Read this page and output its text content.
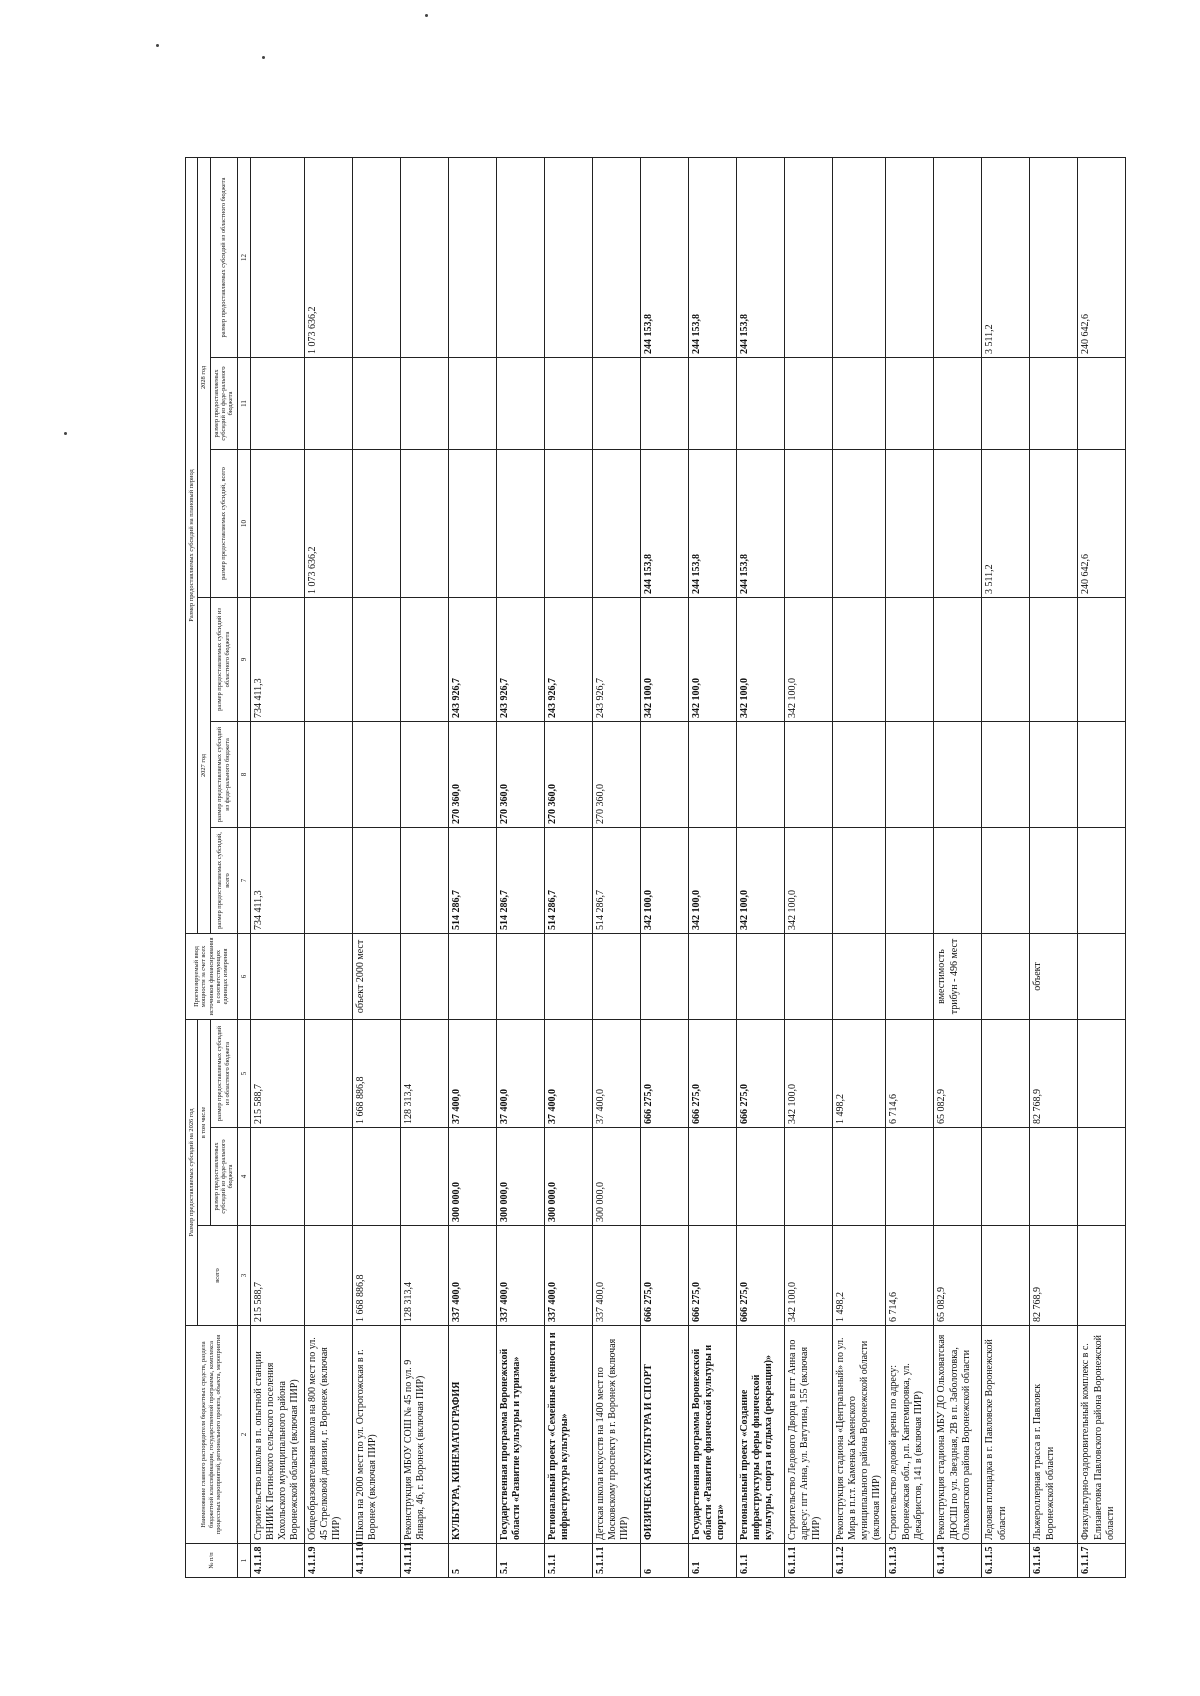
№ п/п	Наименование главного распорядителя бюджетных средств, раздела бюджетной классификации, государственной программы, комплекса процессных мероприятий, регионального проекта, объекта, мероприятия	Размер предоставляемых субсидий на 2026 год			Прогнозируемый ввод мощности за счет всех источников финансирования в соответствующих единицах измерения	Размер предоставляемых субсидий на плановый период					
		всего	в том числе			2027 год			2028 год		
			размер предоставляемых субсидий из феде-рального бюджета	размер предоставляемых субсидий из областного бюджета		размер предоставляемых субсидий, всего	размер предоставляемых субсидий из феде-рального бюджета	размер предоставляемых субсидий из областного бюджета	размер предоставляемых субсидий, всего	размер предоставляемых субсидий из феде-рального бюджета	размер предоставляемых субсидий из областного бюджета
1	2	3	4	5	6	7	8	9	10	11	12
4.1.1.8	Строительство школы в п. опытной станции ВНИИК Петинского сельского поселения Хохольского муниципального района Воронежской области (включая ПИР)	215 588,7		215 588,7		734 411,3		734 411,3			
4.1.1.9	Общеобразовательная школа на 800 мест по ул. 45 Стрелковой дивизии, г. Воронеж (включая ПИР)								1 073 636,2		1 073 636,2
4.1.1.10	Школа на 2000 мест по ул. Острогожская в г. Воронеж (включая ПИР)	1 668 886,8		1 668 886,8	объект 2000 мест						
4.1.1.11	Реконструкция МБОУ СОШ № 45 по ул. 9 Января, 46, г. Воронеж (включая ПИР)	128 313,4		128 313,4							
5	КУЛЬТУРА, КИНЕМАТОГРАФИЯ	337 400,0	300 000,0	37 400,0		514 286,7	270 360,0	243 926,7			
5.1	Государственная программа Воронежской области «Развитие культуры и туризма»	337 400,0	300 000,0	37 400,0		514 286,7	270 360,0	243 926,7			
5.1.1	Региональный проект «Семейные ценности и инфраструктура культуры»	337 400,0	300 000,0	37 400,0		514 286,7	270 360,0	243 926,7			
5.1.1.1	Детская школа искусств на 1400 мест по Московскому проспекту в г. Воронеж (включая ПИР)	337 400,0	300 000,0	37 400,0		514 286,7	270 360,0	243 926,7			
6	ФИЗИЧЕСКАЯ КУЛЬТУРА И СПОРТ	666 275,0		666 275,0		342 100,0		342 100,0	244 153,8		244 153,8
6.1	Государственная программа Воронежской области «Развитие физической культуры и спорта»	666 275,0		666 275,0		342 100,0		342 100,0	244 153,8		244 153,8
6.1.1	Региональный проект «Создание инфраструктуры сферы физической культуры, спорта и отдыха (рекреации)»	666 275,0		666 275,0		342 100,0		342 100,0	244 153,8		244 153,8
6.1.1.1	Строительство Ледового Дворца в пгт Анна по адресу: пгт Анна, ул. Ватутина, 155 (включая ПИР)	342 100,0		342 100,0		342 100,0		342 100,0			
6.1.1.2	Реконструкция стадиона «Центральный» по ул. Мира в п.г.т. Каменка Каменского муниципального района Воронежской области (включая ПИР)	1 498,2		1 498,2							
6.1.1.3	Строительство ледовой арены по адресу: Воронежская обл., р.п. Кантемировка, ул. Декабристов, 141 в (включая ПИР)	6 714,6		6 714,6							
6.1.1.4	Реконструкция стадиона МБУ ДО Ольховатская ДЮСШ по ул. Звездная, 2В в п. Заболотовка, Ольховатского района Воронежской области	65 082,9		65 082,9	вместимость трибун - 496 мест						
6.1.1.5	Ледовая площадка в г. Павловске Воронежской области								3 511,2		3 511,2
6.1.1.6	Лыжероллерная трасса в г. Павловск Воронежской области	82 768,9		82 768,9	объект						
6.1.1.7	Физкультурно-оздоровительный комплекс в с. Елизаветовка Павловского района Воронежской области								240 642,6		240 642,6
